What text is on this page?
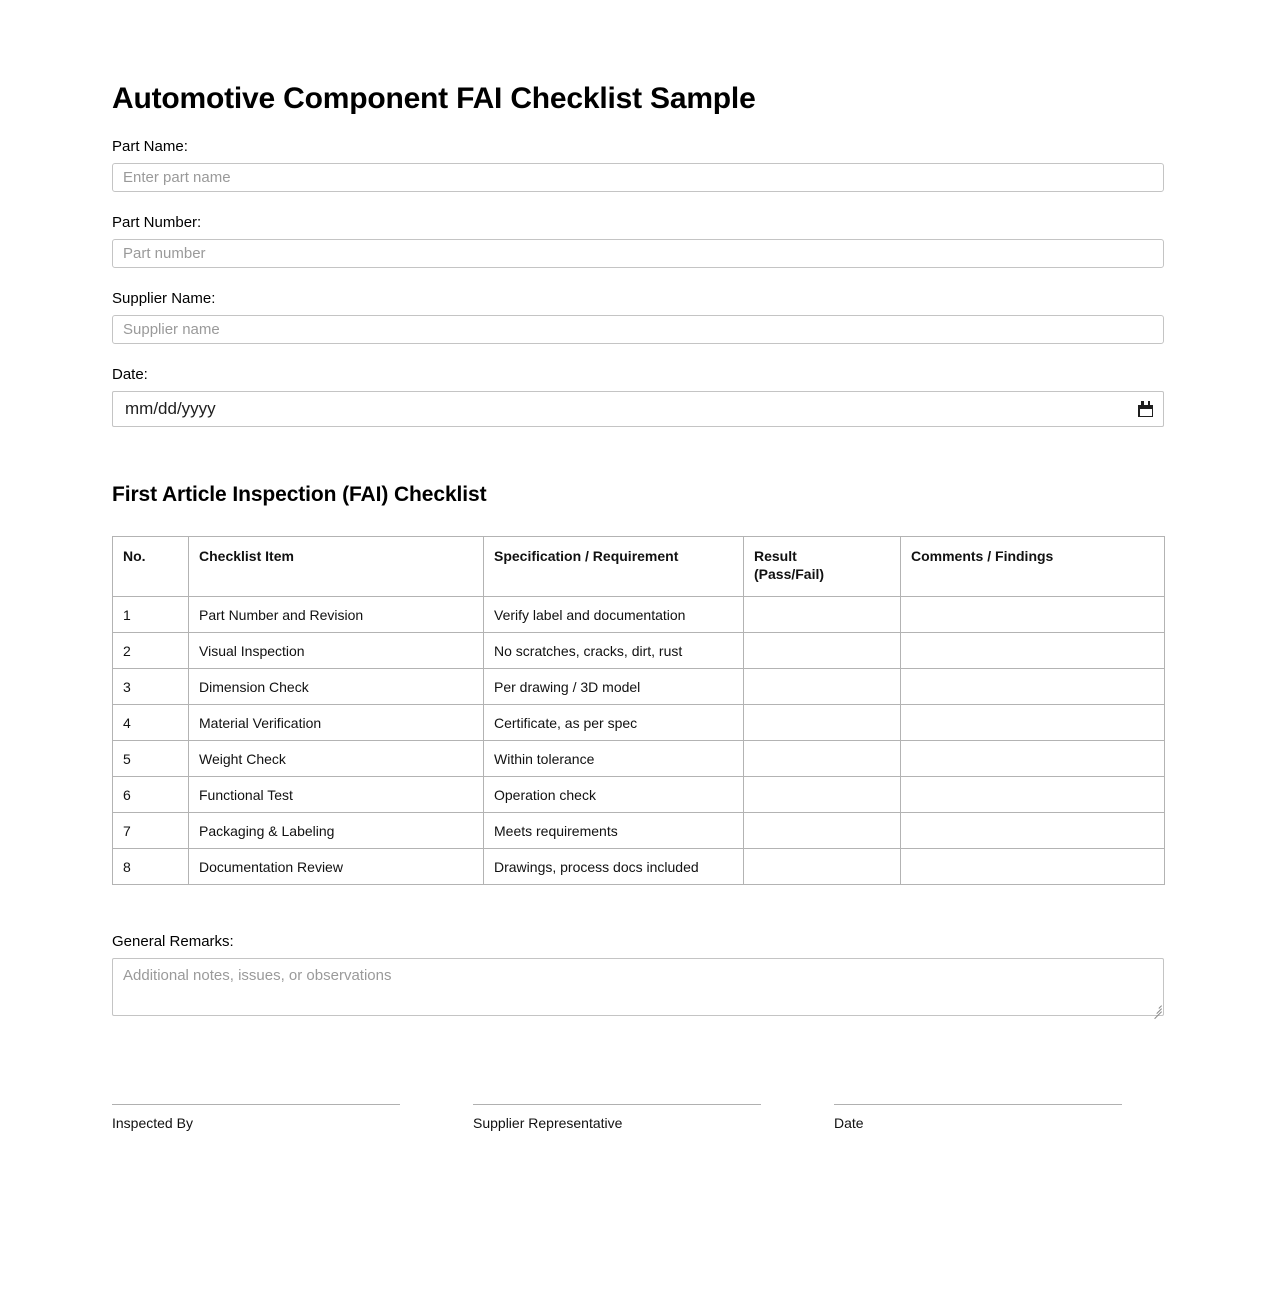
Automotive Component FAI Checklist Sample
Part Name:
Enter part name
Part Number:
Part number
Supplier Name:
Supplier name
Date:
mm/dd/yyyy
First Article Inspection (FAI) Checklist
No.	Checklist Item	Specification / Requirement	Result
(Pass/Fail)	Comments / Findings
1	Part Number and Revision	Verify label and documentation		
2	Visual Inspection	No scratches, cracks, dirt, rust		
3	Dimension Check	Per drawing / 3D model		
4	Material Verification	Certificate, as per spec		
5	Weight Check	Within tolerance		
6	Functional Test	Operation check		
7	Packaging & Labeling	Meets requirements		
8	Documentation Review	Drawings, process docs included		
General Remarks:
Additional notes, issues, or observations
Inspected By	Supplier Representative	Date
